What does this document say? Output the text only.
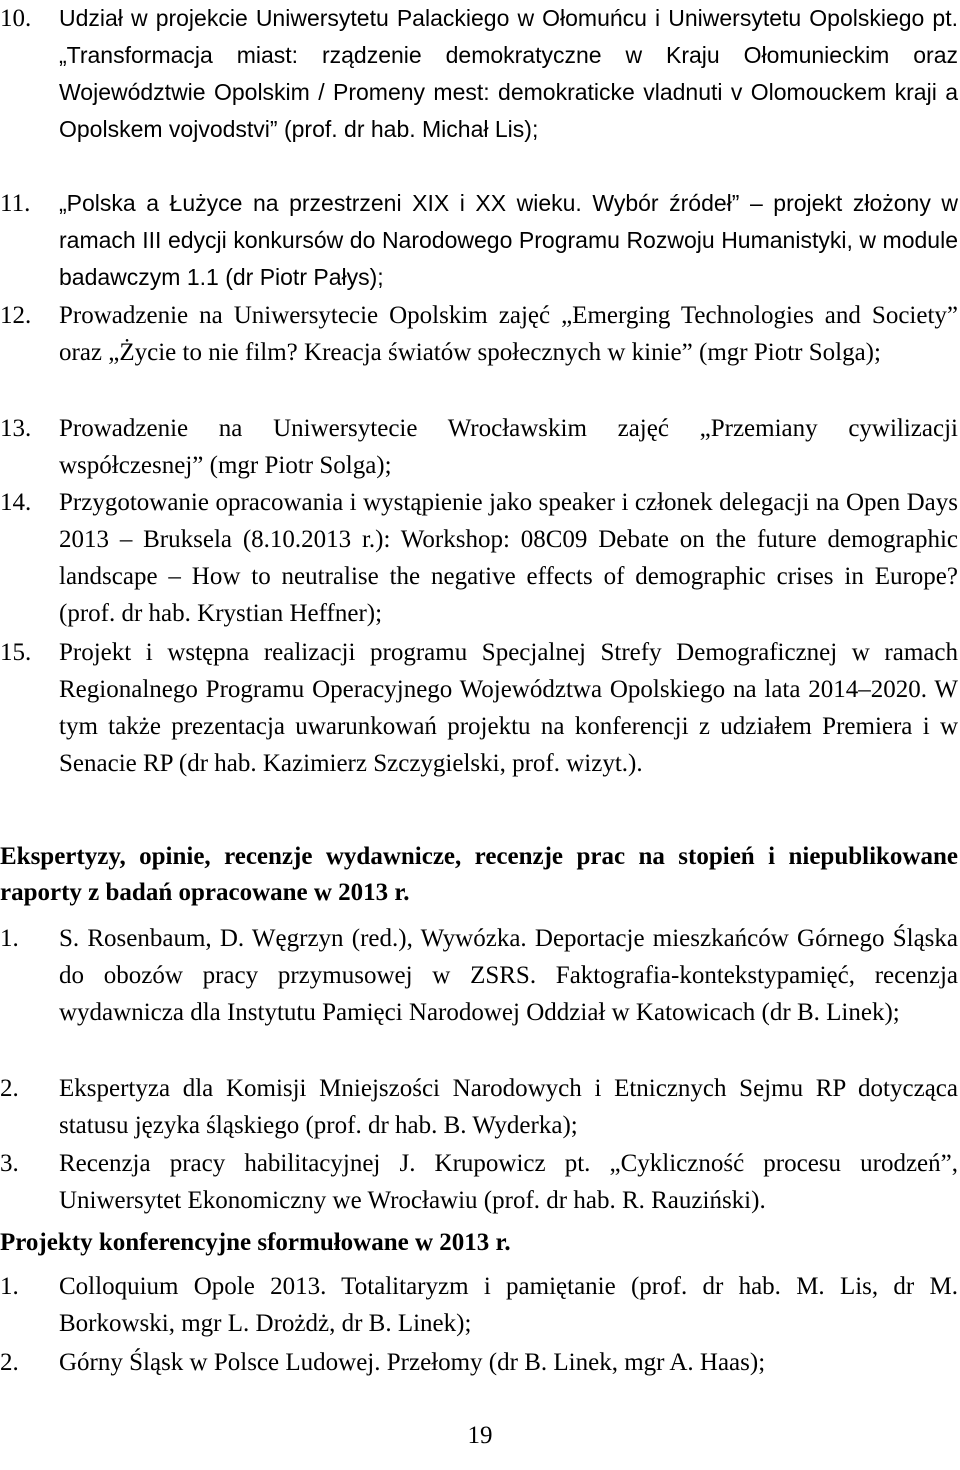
10.	Udział w projekcie Uniwersytetu Palackiego w Ołomuńcu i Uniwersytetu Opolskiego pt. „Transformacja miast: rządzenie demokratyczne w Kraju Ołomunieckim oraz Województwie Opolskim / Promeny mest: demokraticke vladnuti v Olomouckem kraji a Opolskem vojvodstvi” (prof. dr hab. Michał Lis);
11.	„Polska a Łużyce na przestrzeni XIX i XX wieku. Wybór źródeł” – projekt złożony w ramach III edycji konkursów do Narodowego Programu Rozwoju Humanistyki, w module badawczym 1.1 (dr Piotr Pałys);
12.	Prowadzenie na Uniwersytecie Opolskim zajęć „Emerging Technologies and Society” oraz „Życie to nie film? Kreacja światów społecznych w kinie” (mgr Piotr Solga);
13.	Prowadzenie na Uniwersytecie Wrocławskim zajęć „Przemiany cywilizacji współczesnej” (mgr Piotr Solga);
14.	Przygotowanie opracowania i wystąpienie jako speaker i członek delegacji na Open Days 2013 – Bruksela (8.10.2013 r.): Workshop: 08C09 Debate on the future demographic landscape – How to neutralise the negative effects of demographic crises in Europe? (prof. dr hab. Krystian Heffner);
15.	Projekt i wstępna realizacji programu Specjalnej Strefy Demograficznej w ramach Regionalnego Programu Operacyjnego Województwa Opolskiego na lata 2014–2020. W tym także prezentacja uwarunkowań projektu na konferencji z udziałem Premiera i w Senacie RP (dr hab. Kazimierz Szczygielski, prof. wizyt.).
Ekspertyzy, opinie, recenzje wydawnicze, recenzje prac na stopień i niepublikowane raporty z badań opracowane w 2013 r.
1.	S. Rosenbaum, D. Węgrzyn (red.), Wywózka. Deportacje mieszkańców Górnego Śląska do obozów pracy przymusowej w ZSRS. Faktografia-kontekstypamięć, recenzja wydawnicza dla Instytutu Pamięci Narodowej Oddział w Katowicach (dr B. Linek);
2.	Ekspertyza dla Komisji Mniejszości Narodowych i Etnicznych Sejmu RP dotycząca statusu języka śląskiego (prof. dr hab. B. Wyderka);
3.	Recenzja pracy habilitacyjnej J. Krupowicz pt. „Cykliczność procesu urodzeń”, Uniwersytet Ekonomiczny we Wrocławiu (prof. dr hab. R. Rauziński).
Projekty konferencyjne sformułowane w 2013 r.
1.	Colloquium Opole 2013. Totalitaryzm i pamiętanie (prof. dr hab. M. Lis, dr M. Borkowski, mgr L. Drożdż, dr B. Linek);
2.	Górny Śląsk w Polsce Ludowej. Przełomy (dr B. Linek, mgr A. Haas);
19
